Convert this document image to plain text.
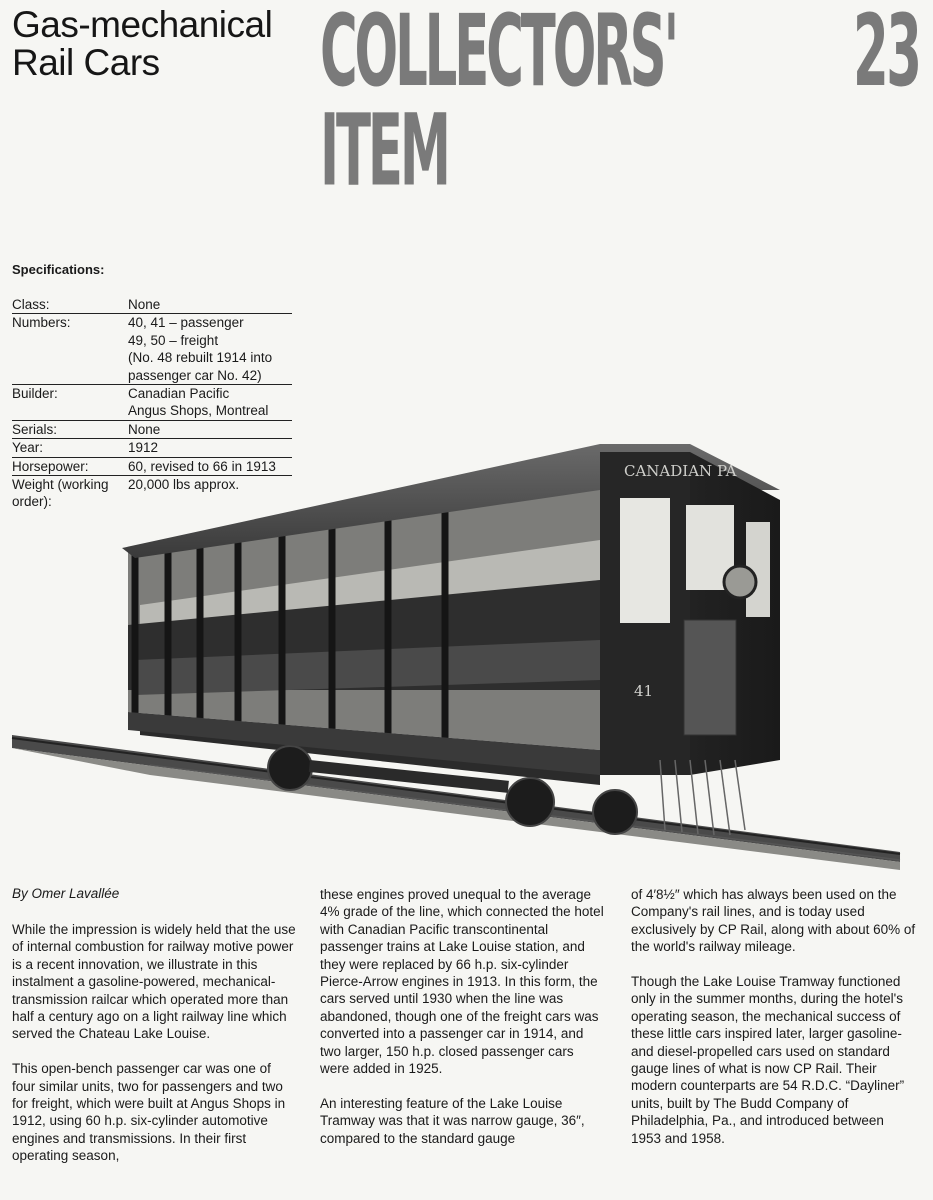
Gas-mechanical
Rail Cars	COLLECTORS'
ITEM
23
Specifications:
Class:	None

Numbers:	40, 41 – passenger
49, 50 – freight
(No. 48 rebuilt 1914 into
passenger car No. 42)

Builder:	Canadian Pacific
Angus Shops, Montreal

Serials:	None

Year:	1912

Horsepower:	60, revised to 66 in 1913

Weight (working order):	20,000 lbs approx.
CANADIAN PA
41

By Omer Lavallée

While the impression is widely held that the use of internal combustion for railway motive power is a recent innovation, we illustrate in this instalment a gasoline-powered, mechanical-transmission railcar which operated more than half a century ago on a light railway line which served the Chateau Lake Louise.

This open-bench passenger car was one of four similar units, two for passengers and two for freight, which were built at Angus Shops in 1912, using 60 h.p. six-cylinder automotive engines and transmissions. In their first operating season,

these engines proved unequal to the average 4% grade of the line, which connected the hotel with Canadian Pacific transcontinental passenger trains at Lake Louise station, and they were replaced by 66 h.p. six-cylinder Pierce-Arrow engines in 1913. In this form, the cars served until 1930 when the line was abandoned, though one of the freight cars was converted into a passenger car in 1914, and two larger, 150 h.p. closed passenger cars were added in 1925.

An interesting feature of the Lake Louise Tramway was that it was narrow gauge, 36″, compared to the standard gauge

of 4′8½″ which has always been used on the Company's rail lines, and is today used exclusively by CP Rail, along with about 60% of the world's railway mileage.

Though the Lake Louise Tramway functioned only in the summer months, during the hotel's operating season, the mechanical success of these little cars inspired later, larger gasoline-and diesel-propelled cars used on standard gauge lines of what is now CP Rail. Their modern counterparts are 54 R.D.C. “Dayliner” units, built by The Budd Company of Philadelphia, Pa., and introduced between 1953 and 1958.
